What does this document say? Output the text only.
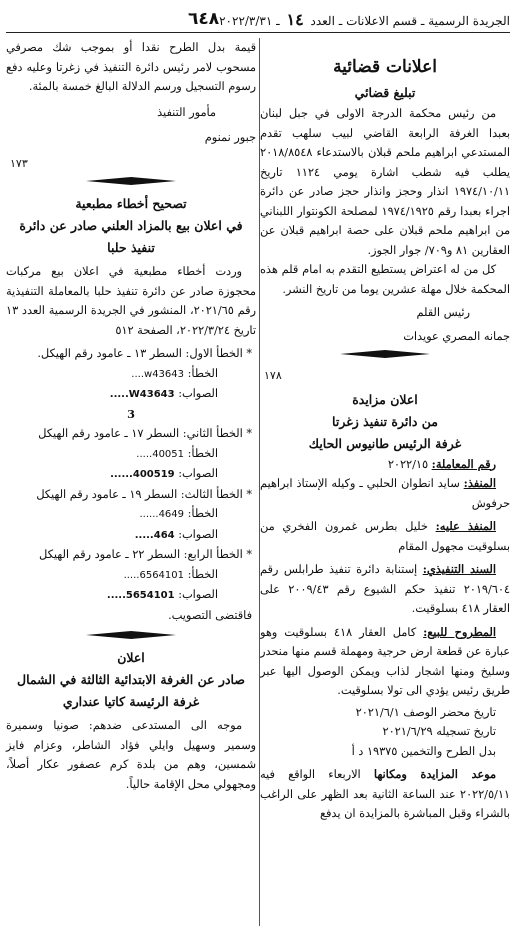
الجريدة الرسمية ـ قسم الاعلانات ـ العدد ١٤ ـ ٢٠٢٢/٣/٣١
٦٤٨
اعلانات قضائية
تبليغ قضائي

من رئيس محكمة الدرجة الاولى في جبل لبنان بعبدا الغرفة الرابعة القاضي لبيب سلهب تقدم المستدعي ابراهيم ملحم قبلان بالاستدعاء ٢٠١٨/٨٥٤٨ يطلب فيه شطب اشارة يومي ١١٢٤ تاريخ ١٩٧٤/١٠/١١ انذار وحجز وانذار حجز صادر عن دائرة اجراء بعبدا رقم ١٩٧٤/١٩٢٥ لمصلحة الكونتوار اللبناني من ابراهيم ملحم قبلان على حصة ابراهيم قبلان عن العقارين ٨١ و٧٠٩/ جوار الجوز.

كل من له اعتراض يستطيع التقدم به امام قلم هذه المحكمة خلال مهلة عشرين يوما من تاريخ النشر.

رئيس القلم

جمانه المصري عويدات

١٧٨

اعلان مزايدة
من دائرة تنفيذ زغرتا
غرفة الرئيس طانيوس الحايك

رقم المعاملة: ٢٠٢٢/١٥

المنفذ: سايد انطوان الحلبي ـ وكيله الإستاذ ابراهيم حرفوش

المنفذ عليه: خليل بطرس غمرون الفخري من بسلوقيت مجهول المقام

السند التنفيذي: إستنابة دائرة تنفيذ طرابلس رقم ٢٠١٩/٦٠٤ تنفيذ حكم الشيوع رقم ٢٠٠٩/٤٣ على العقار ٤١٨ بسلوقيت.

المطروح للبيع: كامل العقار ٤١٨ بسلوقيت وهو عبارة عن قطعة ارض حرجية ومهملة قسم منها منحدر وسليخ ومنها اشجار لذاب ويمكن الوصول اليها عبر طريق رئيس يؤدي الى تولا بسلوقيت.

تاريخ محضر الوصف ٢٠٢١/٦/١

تاريخ تسجيله ٢٠٢١/٦/٢٩

بدل الطرح والتخمين ١٩٣٧٥ د أ

موعد المزايدة ومكانها الاربعاء الواقع فيه ٢٠٢٢/٥/١١ عند الساعة الثانية بعد الظهر على الراغب بالشراء وقبل المباشرة بالمزايدة ان يدفع

قيمة بدل الطرح نقدا أو بموجب شك مصرفي مسحوب لامر رئيس دائرة التنفيذ في زغرتا وعليه دفع رسوم التسجيل ورسم الدلالة البالغ خمسة بالمئة.

مأمور التنفيذ

جبور نمنوم

١٧٣

تصحيح أخطاء مطبعية
في اعلان بيع بالمزاد العلني صادر عن دائرة تنفيذ حلبا

وردت أخطاء مطبعية في اعلان بيع مركبات محجوزة صادر عن دائرة تنفيذ حلبا بالمعاملة التنفيذية رقم ٢٠٢١/٦٥، المنشور في الجريدة الرسمية العدد ١٣ تاريخ ٢٠٢٢/٣/٢٤، الصفحة ٥١٢

* الخطأ الاول: السطر ١٣ ـ عامود رقم الهيكل.

الخطأ: w43643....

الصواب: W43643.....

3

* الخطأ الثاني: السطر ١٧ ـ عامود رقم الهيكل

الخطأ: 40051.....

الصواب: 400519......

* الخطأ الثالث: السطر ١٩ ـ عامود رقم الهيكل

الخطأ: 4649......

الصواب: 464.....

* الخطأ الرابع: السطر ٢٢ ـ عامود رقم الهيكل

الخطأ: 6564101.....

الصواب: 5654101.....

فاقتضى التصويب.

اعلان
صادر عن الغرفة الابتدائية الثالثة في الشمال
غرفة الرئيسة كاتيا عنداري

موجه الى المستدعى ضدهم: صونيا وسميرة وسمير وسهيل وايلي فؤاد الشاطر، وعزام فايز شمسين، وهم من بلدة كرم عصفور عكار أصلاً، ومجهولي محل الإقامة حالياً.
